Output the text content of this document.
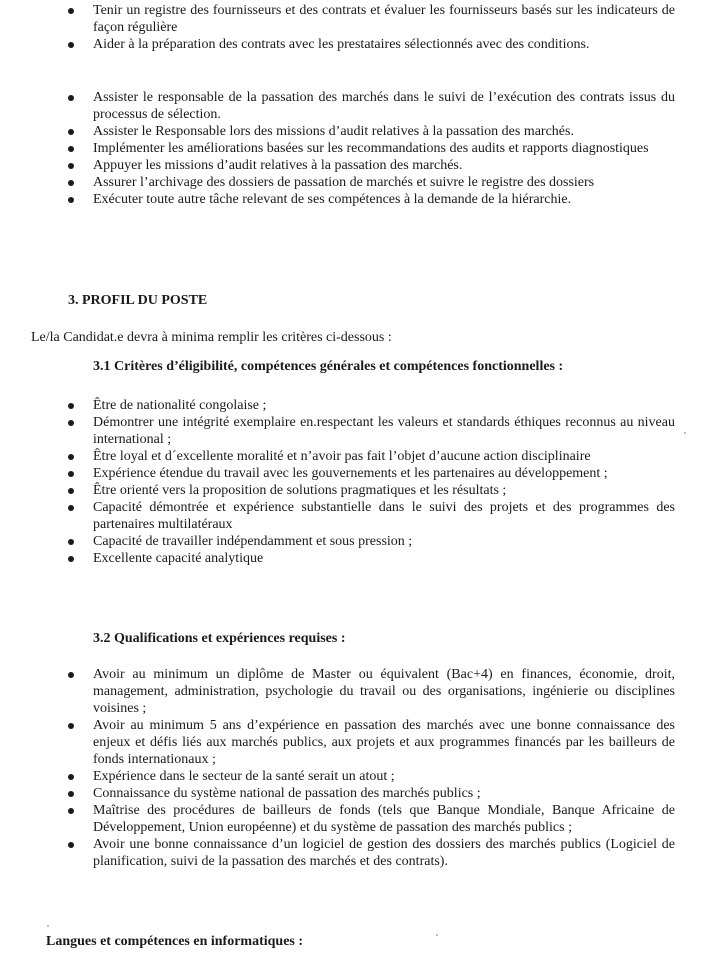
Tenir un registre des fournisseurs et des contrats et évaluer les fournisseurs basés sur les indicateurs de façon régulière
Aider à la préparation des contrats avec les prestataires sélectionnés avec des conditions.
Assister le responsable de la passation des marchés dans le suivi de l’exécution des contrats issus du processus de sélection.
Assister le Responsable lors des missions d’audit relatives à la passation des marchés.
Implémenter les améliorations basées sur les recommandations des audits et rapports diagnostiques
Appuyer les missions d’audit relatives à la passation des marchés.
Assurer l’archivage des dossiers de passation de marchés et suivre le registre des dossiers
Exécuter toute autre tâche relevant de ses compétences à la demande de la hiérarchie.
3. PROFIL DU POSTE
Le/la Candidat.e devra à minima remplir les critères ci-dessous :
3.1 Critères d’éligibilité, compétences générales et compétences fonctionnelles :
Être de nationalité congolaise ;
Démontrer une intégrité exemplaire en.respectant les valeurs et standards éthiques reconnus au niveau international ;
Être loyal et d´excellente moralité et n’avoir pas fait l’objet d’aucune action disciplinaire
Expérience étendue du travail avec les gouvernements et les partenaires au développement ;
Être orienté vers la proposition de solutions pragmatiques et les résultats ;
Capacité démontrée et expérience substantielle dans le suivi des projets et des programmes des partenaires multilatéraux
Capacité de travailler indépendamment et sous pression ;
Excellente capacité analytique
3.2 Qualifications et expériences requises :
Avoir au minimum un diplôme de Master ou équivalent (Bac+4) en finances, économie, droit, management, administration, psychologie du travail ou des organisations, ingénierie ou disciplines voisines ;
Avoir au minimum 5 ans d’expérience en passation des marchés avec une bonne connaissance des enjeux et défis liés aux marchés publics, aux projets et aux programmes financés par les bailleurs de fonds internationaux ;
Expérience dans le secteur de la santé serait un atout ;
Connaissance du système national de passation des marchés publics ;
Maîtrise des procédures de bailleurs de fonds (tels que Banque Mondiale, Banque Africaine de Développement, Union européenne) et du système de passation des marchés publics ;
Avoir une bonne connaissance d’un logiciel de gestion des dossiers des marchés publics (Logiciel de planification, suivi de la passation des marchés et des contrats).
Langues et compétences en informatiques :
